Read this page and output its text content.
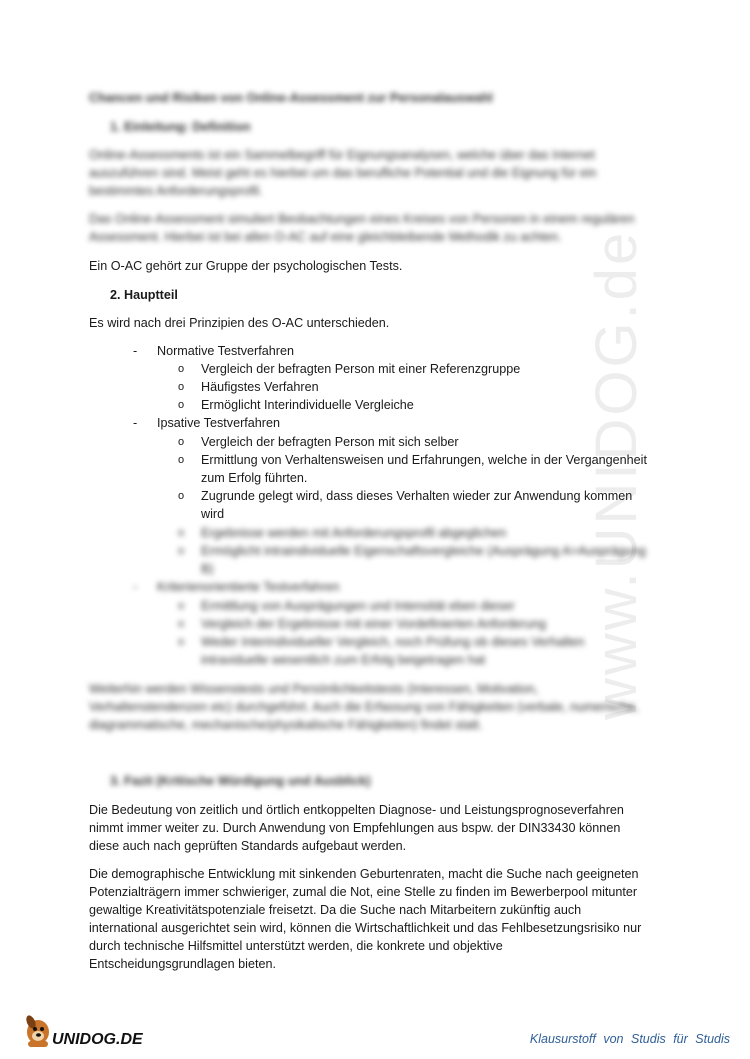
www.UNIDOG.de
Chancen und Risiken von Online-Assessment zur Personalauswahl
1. Einleitung: Definition
Online-Assessments ist ein Sammelbegriff für Eignungsanalysen, welche über das Internet
auszuführen sind. Meist geht es hierbei um das berufliche Potential und die Eignung für ein
bestimmtes Anforderungsprofil.
Das Online-Assessment simuliert Beobachtungen eines Kreises von Personen in einem regulären
Assessment. Hierbei ist bei allen O-AC auf eine gleichbleibende Methodik zu achten.
Ein O-AC gehört zur Gruppe der psychologischen Tests.
2. Hauptteil
Es wird nach drei Prinzipien des O-AC unterschieden.
- Normative Testverfahren
o Vergleich der befragten Person mit einer Referenzgruppe
o Häufigstes Verfahren
o Ermöglicht Interindividuelle Vergleiche
- Ipsative Testverfahren
o Vergleich der befragten Person mit sich selber
o Ermittlung von Verhaltensweisen und Erfahrungen, welche in der Vergangenheit
zum Erfolg führten.
o Zugrunde gelegt wird, dass dieses Verhalten wieder zur Anwendung kommen
wird
o Ergebnisse werden mit Anforderungsprofil abgeglichen
o Ermöglicht intraindividuelle Eigenschaftsvergleiche (Ausprägung A>Ausprägung
B)
- Kriterienorientierte Testverfahren
o Ermittlung von Ausprägungen und Intensität eben dieser
o Vergleich der Ergebnisse mit einer Vordefinierten Anforderung
o Weder Interindividueller Vergleich, noch Prüfung ob dieses Verhalten
intraviduelle wesentlich zum Erfolg beigetragen hat
Weiterhin werden Wissenstests und Persönlichkeitstests (Interessen, Motivation,
Verhaltenstendenzen etc) durchgeführt. Auch die Erfassung von Fähigkeiten (verbale, numerische,
diagrammatische, mechanische/physikalische Fähigkeiten) findet statt.
3. Fazit (Kritische Würdigung und Ausblick)
Die Bedeutung von zeitlich und örtlich entkoppelten Diagnose- und Leistungsprognoseverfahren
nimmt immer weiter zu. Durch Anwendung von Empfehlungen aus bspw. der DIN33430 können
diese auch nach geprüften Standards aufgebaut werden.
Die demographische Entwicklung mit sinkenden Geburtenraten, macht die Suche nach geeigneten
Potenzialträgern immer schwieriger, zumal die Not, eine Stelle zu finden im Bewerberpool mitunter
gewaltige Kreativitätspotenziale freisetzt. Da die Suche nach Mitarbeitern zukünftig auch
international ausgerichtet sein wird, können die Wirtschaftlichkeit und das Fehlbesetzungsrisiko nur
durch technische Hilfsmittel unterstützt werden, die konkrete und objektive
Entscheidungsgrundlagen bieten.
UNIDOG.DE	Klausurstoff von Studis für Studis
